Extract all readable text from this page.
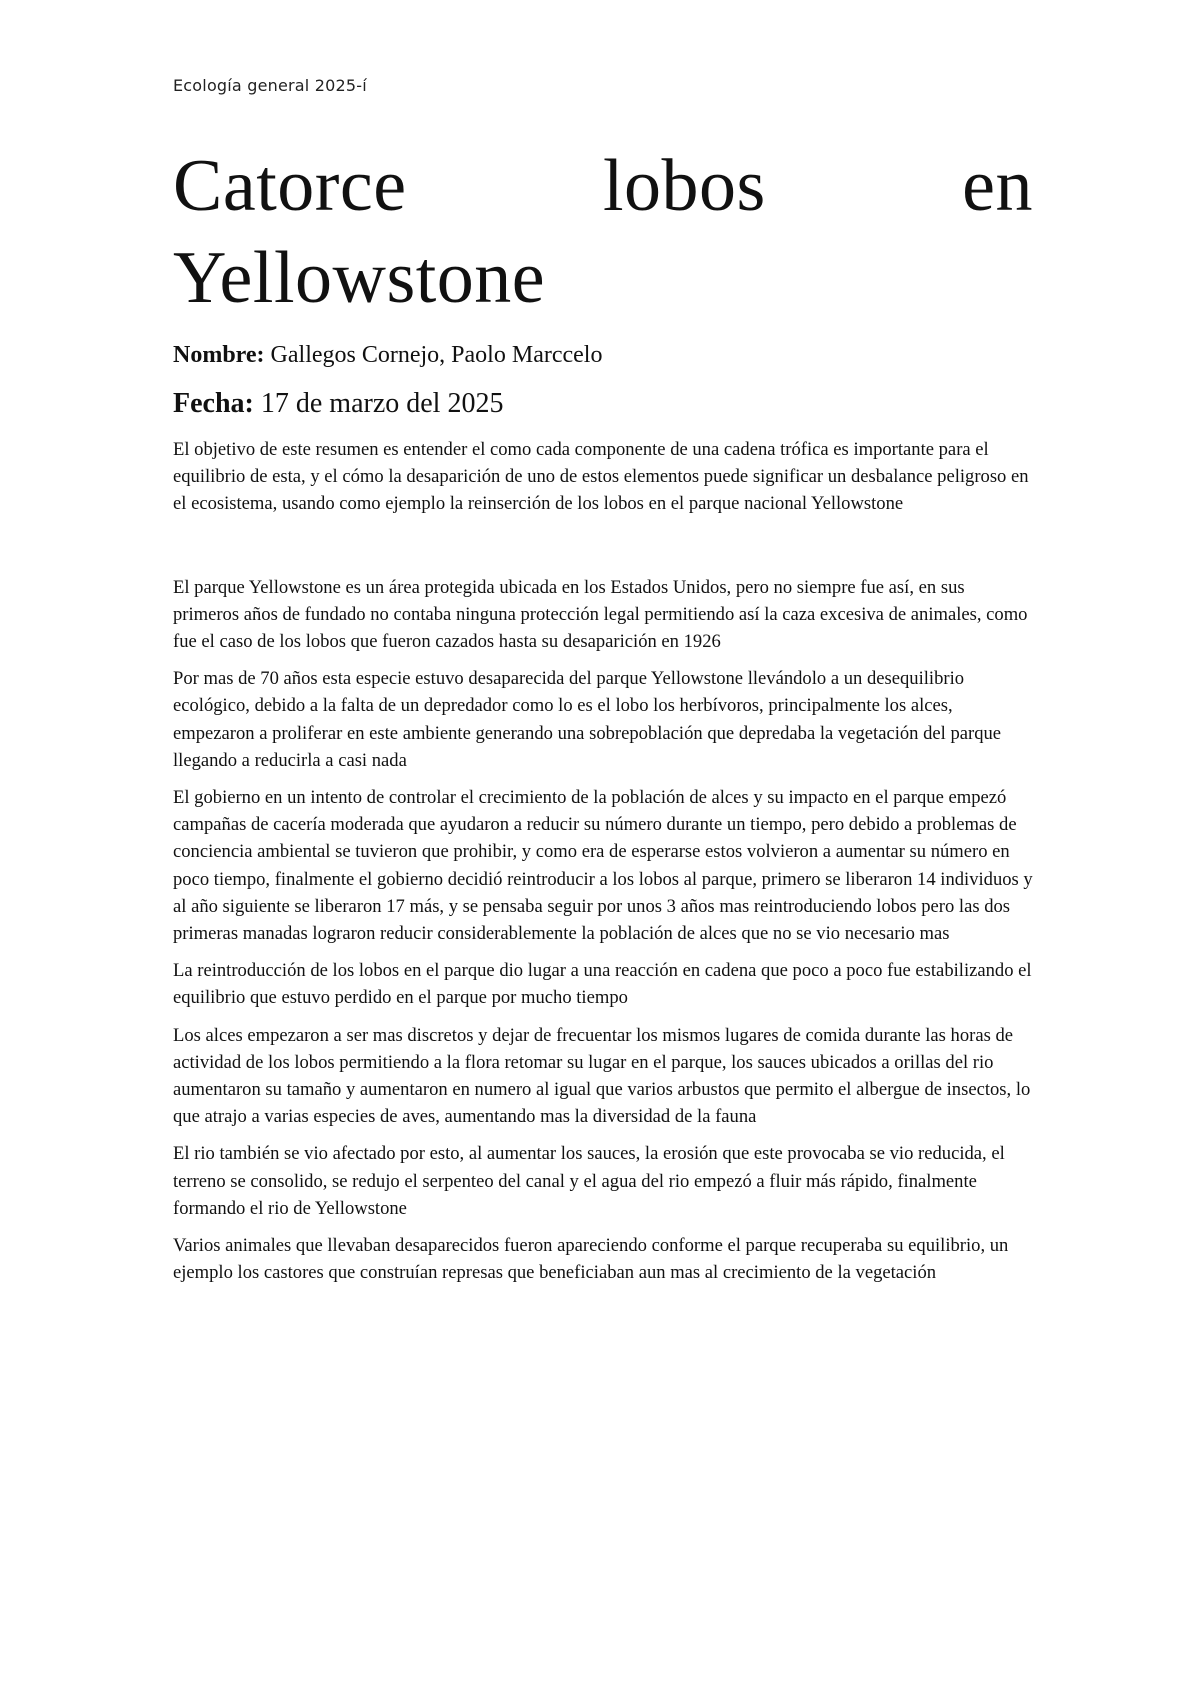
Ecología general 2025-í
Catorce	lobos	en
Yellowstone
Nombre: Gallegos Cornejo, Paolo Marccelo
Fecha: 17 de marzo del 2025

El objetivo de este resumen es entender el como cada componente de una cadena trófica es importante para el equilibrio de esta, y el cómo la desaparición de uno de estos elementos puede significar un desbalance peligroso en el ecosistema, usando como ejemplo la reinserción de los lobos en el parque nacional Yellowstone

El parque Yellowstone es un área protegida ubicada en los Estados Unidos, pero no siempre fue así, en sus primeros años de fundado no contaba ninguna protección legal permitiendo así la caza excesiva de animales, como fue el caso de los lobos que fueron cazados hasta su desaparición en 1926

Por mas de 70 años esta especie estuvo desaparecida del parque Yellowstone llevándolo a un desequilibrio ecológico, debido a la falta de un depredador como lo es el lobo los herbívoros, principalmente los alces, empezaron a proliferar en este ambiente generando una sobrepoblación que depredaba la vegetación del parque llegando a reducirla a casi nada

El gobierno en un intento de controlar el crecimiento de la población de alces y su impacto en el parque empezó campañas de cacería moderada que ayudaron a reducir su número durante un tiempo, pero debido a problemas de conciencia ambiental se tuvieron que prohibir, y como era de esperarse estos volvieron a aumentar su número en poco tiempo, finalmente el gobierno decidió reintroducir a los lobos al parque, primero se liberaron 14 individuos y al año siguiente se liberaron 17 más, y se pensaba seguir por unos 3 años mas reintroduciendo lobos pero las dos primeras manadas lograron reducir considerablemente la población de alces que no se vio necesario mas

La reintroducción de los lobos en el parque dio lugar a una reacción en cadena que poco a poco fue estabilizando el equilibrio que estuvo perdido en el parque por mucho tiempo

Los alces empezaron a ser mas discretos y dejar de frecuentar los mismos lugares de comida durante las horas de actividad de los lobos permitiendo a la flora retomar su lugar en el parque, los sauces ubicados a orillas del rio aumentaron su tamaño y aumentaron en numero al igual que varios arbustos que permito el albergue de insectos, lo que atrajo a varias especies de aves, aumentando mas la diversidad de la fauna

El rio también se vio afectado por esto, al aumentar los sauces, la erosión que este provocaba se vio reducida, el terreno se consolido, se redujo el serpenteo del canal y el agua del rio empezó a fluir más rápido, finalmente formando el rio de Yellowstone

Varios animales que llevaban desaparecidos fueron apareciendo conforme el parque recuperaba su equilibrio, un ejemplo los castores que construían represas que beneficiaban aun mas al crecimiento de la vegetación
